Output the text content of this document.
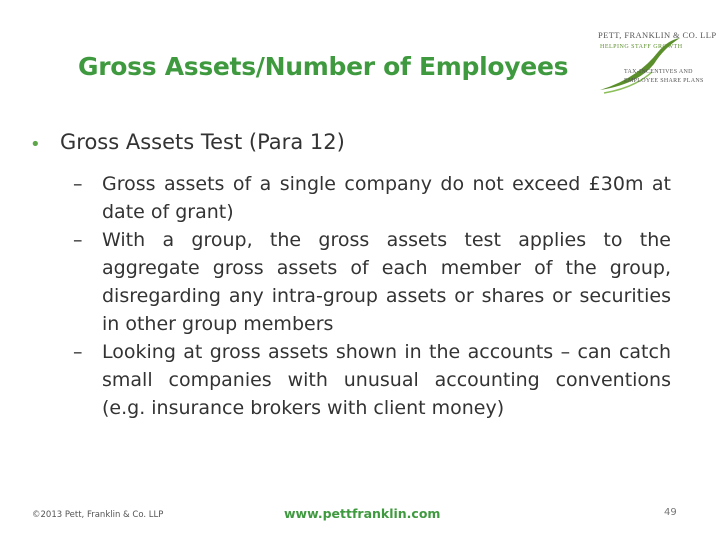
Gross Assets/Number of Employees
PETT, FRANKLIN & CO. LLP
HELPING STAFF GROWTH
TAX-INCENTIVES AND
EMPLOYEE SHARE PLANS
• Gross Assets Test (Para 12)
–	Gross assets of a single company do not exceed £30m at date of grant)
–	With a group, the gross assets test applies to the aggregate gross assets of each member of the group, disregarding any intra-group assets or shares or securities in other group members
–	Looking at gross assets shown in the accounts – can catch small companies with unusual accounting conventions (e.g. insurance brokers with client money)
©2013 Pett, Franklin & Co. LLP	www.pettfranklin.com	49
